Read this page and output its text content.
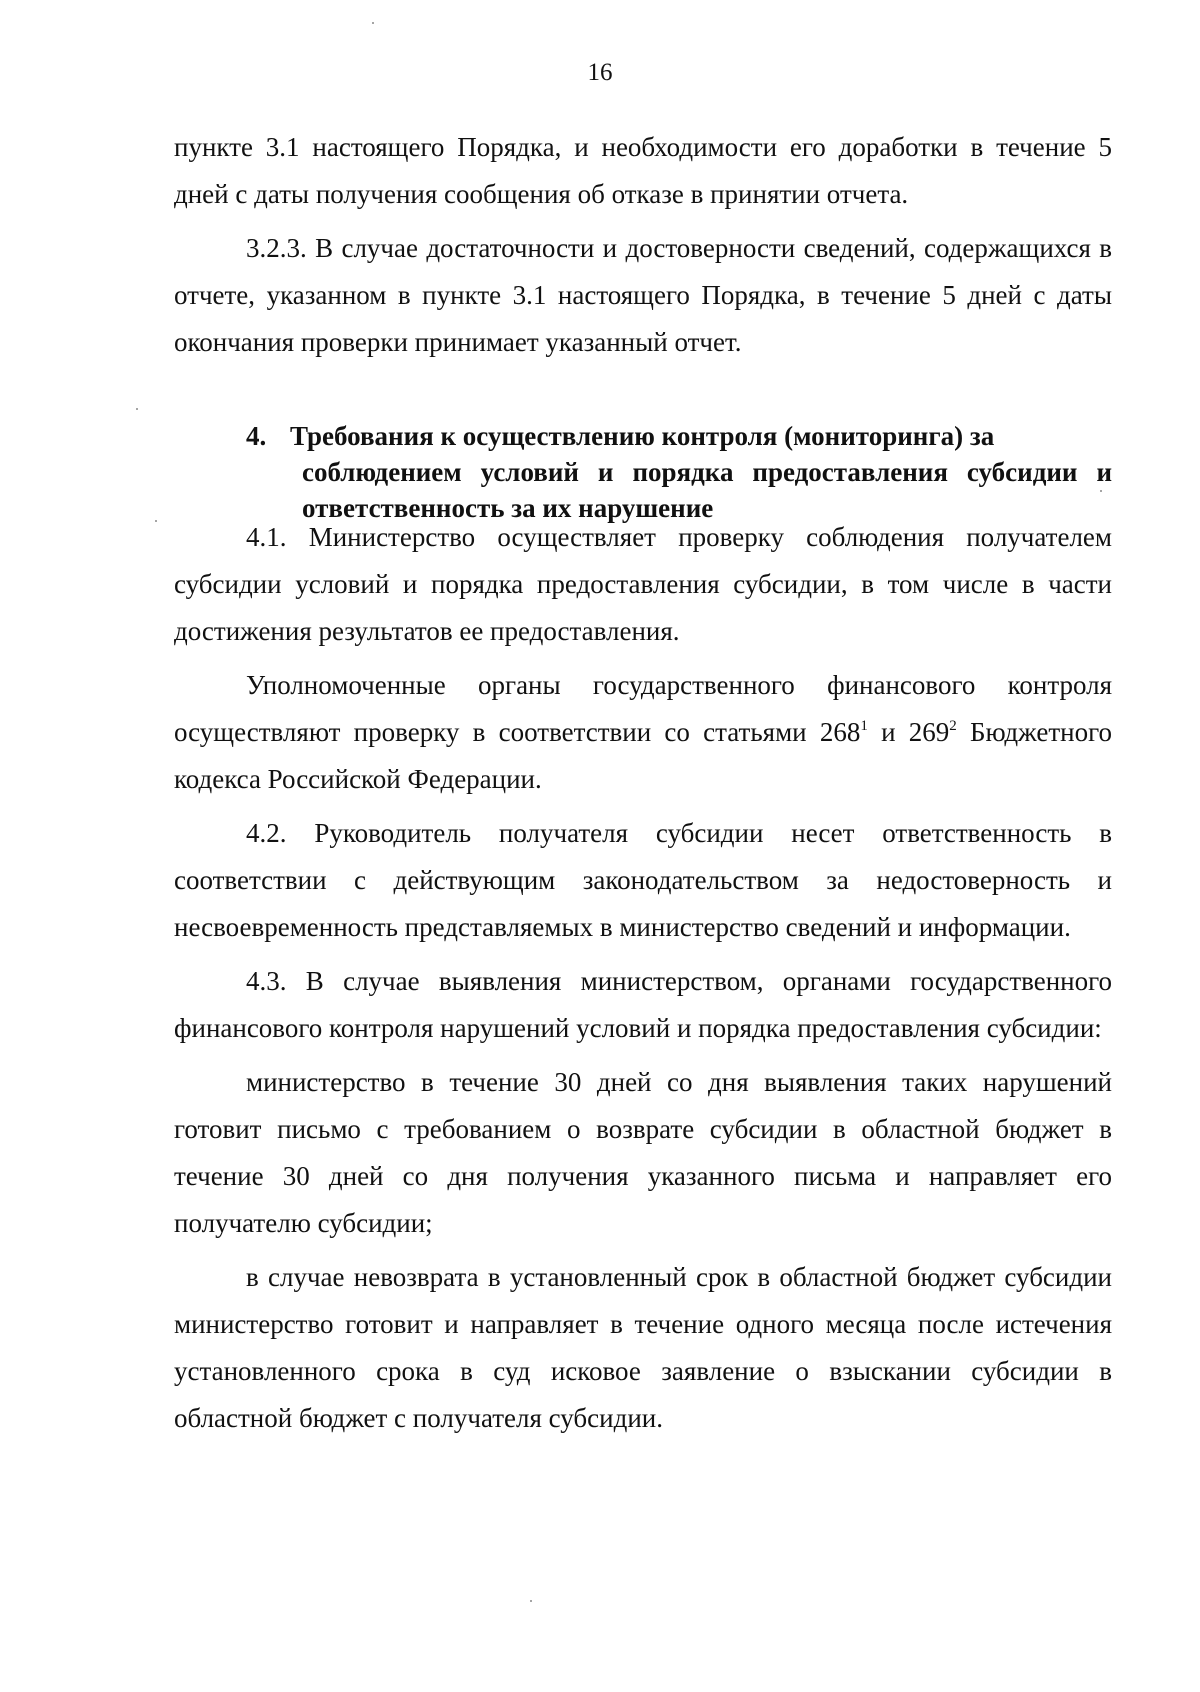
16

пункте 3.1 настоящего Порядка, и необходимости его доработки в течение 5 дней с даты получения сообщения об отказе в принятии отчета.

3.2.3. В случае достаточности и достоверности сведений, содержащихся в отчете, указанном в пункте 3.1 настоящего Порядка, в течение 5 дней с даты окончания проверки принимает указанный отчет.

4. Требования к осуществлению контроля (мониторинга) за
соблюдением условий и порядка предоставления субсидии и ответственность за их нарушение

4.1. Министерство осуществляет проверку соблюдения получателем субсидии условий и порядка предоставления субсидии, в том числе в части достижения результатов ее предоставления.

Уполномоченные органы государственного финансового контроля осуществляют проверку в соответствии со статьями $268^1$ и $269^2$ Бюджетного кодекса Российской Федерации.

4.2. Руководитель получателя субсидии несет ответственность в соответствии с действующим законодательством за недостоверность и несвоевременность представляемых в министерство сведений и информации.

4.3. В случае выявления министерством, органами государственного финансового контроля нарушений условий и порядка предоставления субсидии:

министерство в течение 30 дней со дня выявления таких нарушений готовит письмо с требованием о возврате субсидии в областной бюджет в течение 30 дней со дня получения указанного письма и направляет его получателю субсидии;

в случае невозврата в установленный срок в областной бюджет субсидии министерство готовит и направляет в течение одного месяца после истечения установленного срока в суд исковое заявление о взыскании субсидии в областной бюджет с получателя субсидии.
